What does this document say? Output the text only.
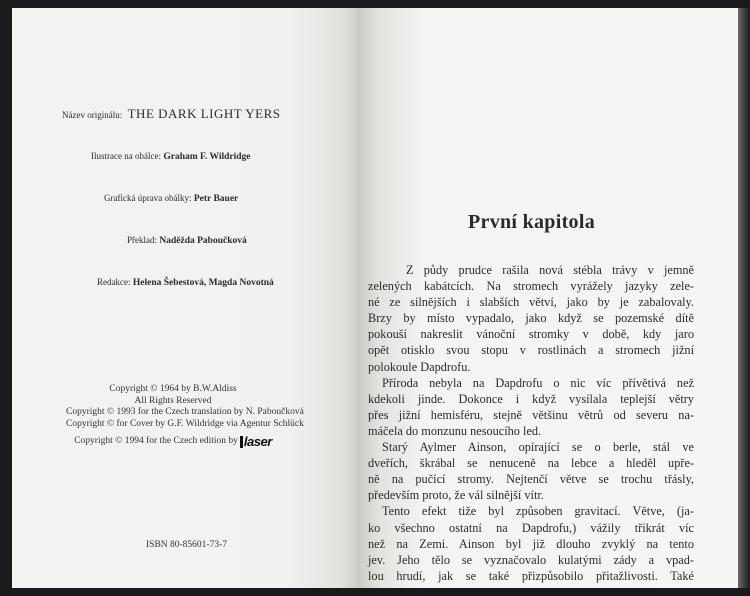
Název originálu: THE DARK LIGHT YERS
Ilustrace na obálce: Graham F. Wildridge
Grafická úprava obálky: Petr Bauer
Překlad: Naděžda Paboučková
Redakce: Helena Šebestová, Magda Novotná
Copyright © 1964 by B.W.Aldiss
All Rights Reserved
Copyright © 1993 for the Czech translation by N. Paboučková
Copyright © for Cover by G.F. Wildridge via Agentur Schlück
Copyright © 1994 for the Czech edition by laser
ISBN 80-85601-73-7
První kapitola
Z půdy prudce rašila nová stébla trávy v jemně
zelených kabátcích. Na stromech vyrážely jazyky zele-
né ze silnějších i slabších větví, jako by je zabalovaly.
Brzy by místo vypadalo, jako když se pozemské dítě
pokouší nakreslit vánoční stromky v době, kdy jaro
opět otisklo svou stopu v rostlinách a stromech jižní
polokoule Dapdrofu.
Příroda nebyla na Dapdrofu o nic víc přívětivá než
kdekoli jinde. Dokonce i když vysílala teplejší větry
přes jižní hemisféru, stejně většinu větrů od severu na-
máčela do monzunu nesoucího led.
Starý Aylmer Ainson, opírající se o berle, stál ve
dveřích, škrábal se nenuceně na lebce a hleděl upře-
ně na pučící stromy. Nejtenčí větve se trochu třásly,
především proto, že vál silnější vítr.
Tento efekt tiže byl způsoben gravitací. Větve, (ja-
ko všechno ostatní na Dapdrofu,) vážily třikrát víc
než na Zemi. Ainson byl již dlouho zvyklý na tento
jev. Jeho tělo se vyznačovalo kulatými zády a vpad-
lou hrudí, jak se také přizpůsobilo přitažlivosti. Také
